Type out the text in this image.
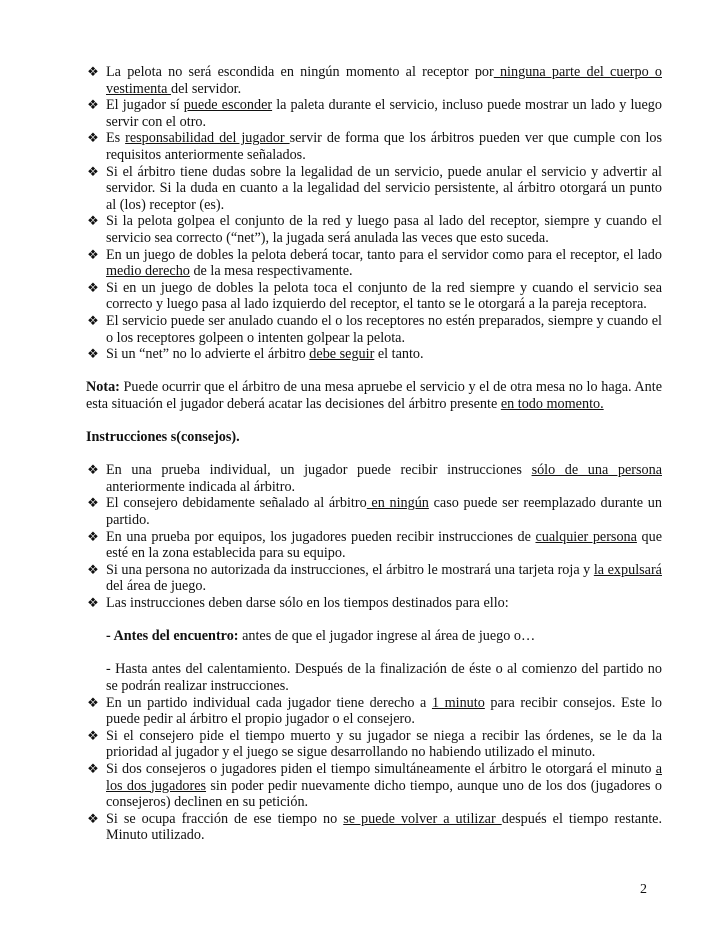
❖ La pelota no será escondida en ningún momento al receptor por ninguna parte del cuerpo o vestimenta del servidor.
❖ El jugador sí puede esconder la paleta durante el servicio, incluso puede mostrar un lado y luego servir con el otro.
❖ Es responsabilidad del jugador servir de forma que los árbitros pueden ver que cumple con los requisitos anteriormente señalados.
❖ Si el árbitro tiene dudas sobre la legalidad de un servicio, puede anular el servicio y advertir al servidor. Si la duda en cuanto a la legalidad del servicio persistente, al árbitro otorgará un punto al (los) receptor (es).
❖ Si la pelota golpea el conjunto de la red y luego pasa al lado del receptor, siempre y cuando el servicio sea correcto (“net”), la jugada será anulada las veces que esto suceda.
❖ En un juego de dobles la pelota deberá tocar, tanto para el servidor como para el receptor, el lado medio derecho de la mesa respectivamente.
❖ Si en un juego de dobles la pelota toca el conjunto de la red siempre y cuando el servicio sea correcto y luego pasa al lado izquierdo del receptor, el tanto se le otorgará a la pareja receptora.
❖ El servicio puede ser anulado cuando el o los receptores no estén preparados, siempre y cuando el o los receptores golpeen o intenten golpear la pelota.
❖ Si un “net” no lo advierte el árbitro debe seguir el tanto.

Nota: Puede ocurrir que el árbitro de una mesa apruebe el servicio y el de otra mesa no lo haga. Ante esta situación el jugador deberá acatar las decisiones del árbitro presente en todo momento.

Instrucciones s(consejos).

❖ En una prueba individual, un jugador puede recibir instrucciones sólo de una persona anteriormente indicada al árbitro.
❖ El consejero debidamente señalado al árbitro en ningún caso puede ser reemplazado durante un partido.
❖ En una prueba por equipos, los jugadores pueden recibir instrucciones de cualquier persona que esté en la zona establecida para su equipo.
❖ Si una persona no autorizada da instrucciones, el árbitro le mostrará una tarjeta roja y la expulsará del área de juego.
❖ Las instrucciones deben darse sólo en los tiempos destinados para ello:

- Antes del encuentro: antes de que el jugador ingrese al área de juego o…

- Hasta antes del calentamiento. Después de la finalización de éste o al comienzo del partido no se podrán realizar instrucciones.

❖ En un partido individual cada jugador tiene derecho a 1 minuto para recibir consejos. Este lo puede pedir al árbitro el propio jugador o el consejero.
❖ Si el consejero pide el tiempo muerto y su jugador se niega a recibir las órdenes, se le da la prioridad al jugador y el juego se sigue desarrollando no habiendo utilizado el minuto.
❖ Si dos consejeros o jugadores piden el tiempo simultáneamente el árbitro le otorgará el minuto a los dos jugadores sin poder pedir nuevamente dicho tiempo, aunque uno de los dos (jugadores o consejeros) declinen en su petición.
❖ Si se ocupa fracción de ese tiempo no se puede volver a utilizar después el tiempo restante. Minuto utilizado.
2
